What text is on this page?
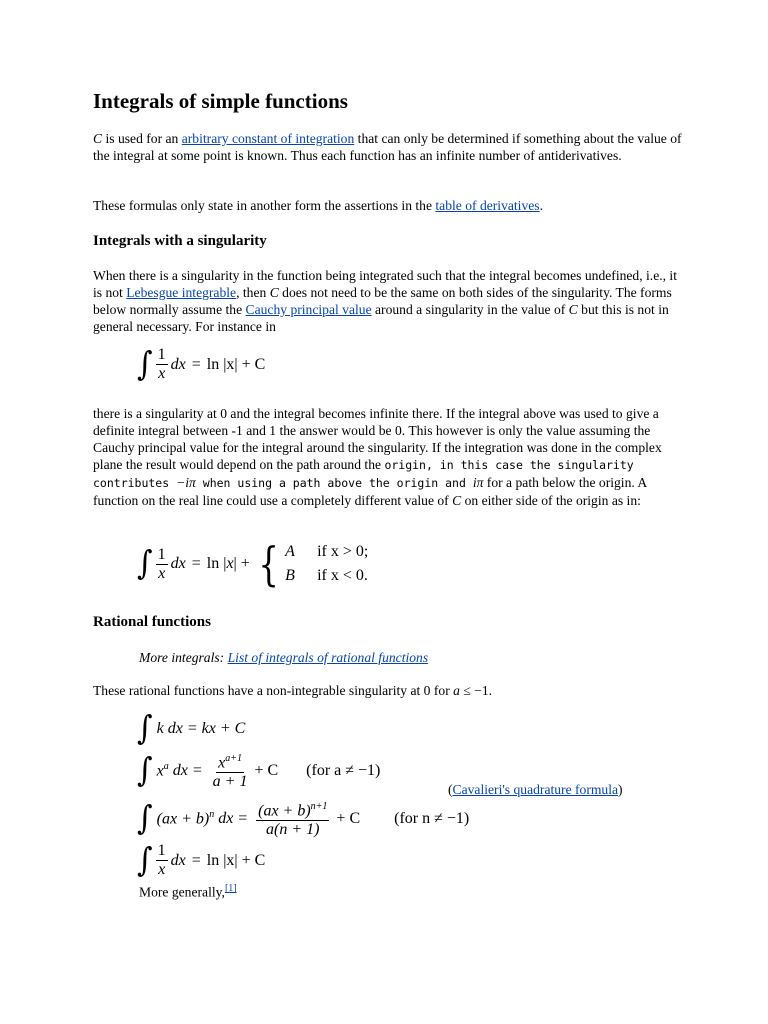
Integrals of simple functions

C is used for an arbitrary constant of integration that can only be determined if something about the value of the integral at some point is known. Thus each function has an infinite number of antiderivatives.

These formulas only state in another form the assertions in the table of derivatives.

Integrals with a singularity

When there is a singularity in the function being integrated such that the integral becomes undefined, i.e., it is not Lebesgue integrable, then C does not need to be the same on both sides of the singularity. The forms below normally assume the Cauchy principal value around a singularity in the value of C but this is not in general necessary. For instance in

∫ $\frac{1}{x}$ dx = ln |x| + C

there is a singularity at 0 and the integral becomes infinite there. If the integral above was used to give a definite integral between -1 and 1 the answer would be 0. This however is only the value assuming the Cauchy principal value for the integral around the singularity. If the integration was done in the complex plane the result would depend on the path around the origin, in this case the singularity contributes −iπ when using a path above the origin and iπ for a path below the origin. A function on the real line could use a completely different value of C on either side of the origin as in:

∫ $\frac{1}{x}$ dx = ln |x| + { A if x > 0;
B if x < 0.
Rational functions

More integrals: List of integrals of rational functions

These rational functions have a non-integrable singularity at 0 for a ≤ −1.

∫ k dx = kx + C
∫ $x^a$ dx = $\frac{x^{a+1}}{a + 1} + C$ (for a ≠ −1)

(Cavalieri's quadrature formula)

∫ (ax + b)$^n$ dx = $\frac{(ax + b)^{n+1}}{a(n + 1)} + C$ (for n ≠ −1)
∫ $\frac{1}{x}$ dx = ln |x| + C

More generally,[1]
